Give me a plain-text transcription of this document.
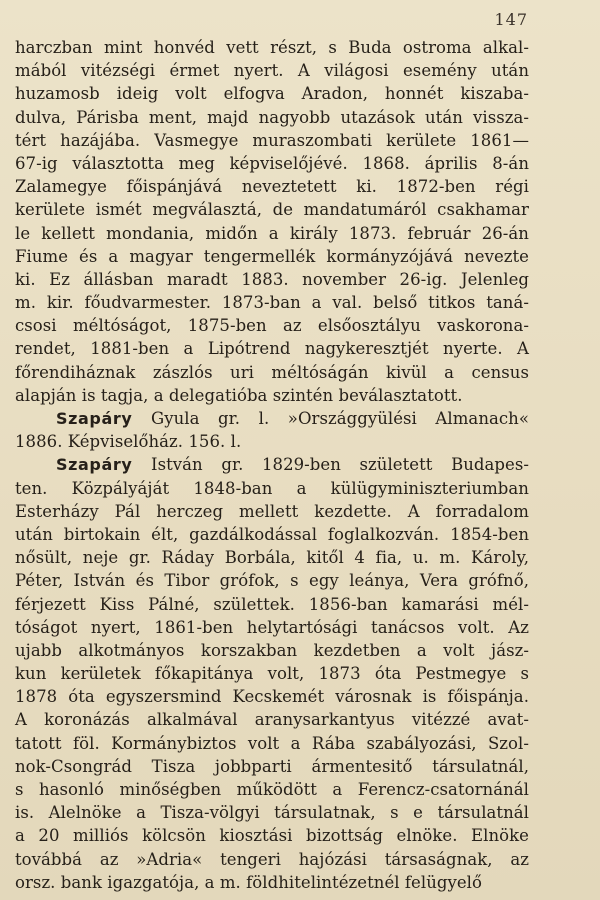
147
harczban mint honvéd vett részt, s Buda ostroma alkal-
mából vitézségi érmet nyert. A világosi esemény után
huzamosb ideig volt elfogva Aradon, honnét kiszaba-
dulva, Párisba ment, majd nagyobb utazások után vissza-
tért hazájába. Vasmegye muraszombati kerülete 1861—
67-ig választotta meg képviselőjévé. 1868. április 8-án
Zalamegye főispánjává neveztetett ki. 1872-ben régi
kerülete ismét megválasztá, de mandatumáról csakhamar
le kellett mondania, midőn a király 1873. február 26-án
Fiume és a magyar tengermellék kormányzójává nevezte
ki. Ez állásban maradt 1883. november 26-ig. Jelenleg
m. kir. főudvarmester. 1873-ban a val. belső titkos taná-
csosi méltóságot, 1875-ben az elsőosztályu vaskorona-
rendet, 1881-ben a Lipótrend nagykeresztjét nyerte. A
főrendiháznak zászlós uri méltóságán kivül a census
alapján is tagja, a delegatióba szintén beválasztatott.
Szapáry Gyula gr. l. »Országgyülési Almanach«
1886. Képviselőház. 156. l.
Szapáry István gr. 1829-ben született Budapes-
ten. Közpályáját 1848-ban a külügyminiszteriumban
Esterházy Pál herczeg mellett kezdette. A forradalom
után birtokain élt, gazdálkodással foglalkozván. 1854-ben
nősült, neje gr. Ráday Borbála, kitől 4 fia, u. m. Károly,
Péter, István és Tibor grófok, s egy leánya, Vera grófnő,
férjezett Kiss Pálné, születtek. 1856-ban kamarási mél-
tóságot nyert, 1861-ben helytartósági tanácsos volt. Az
ujabb alkotmányos korszakban kezdetben a volt jász-
kun kerületek főkapitánya volt, 1873 óta Pestmegye s
1878 óta egyszersmind Kecskemét városnak is főispánja.
A koronázás alkalmával aranysarkantyus vitézzé avat-
tatott föl. Kormánybiztos volt a Rába szabályozási, Szol-
nok-Csongrád Tisza jobbparti ármentesitő társulatnál,
s hasonló minőségben működött a Ferencz-csatornánál
is. Alelnöke a Tisza-völgyi társulatnak, s e társulatnál
a 20 milliós kölcsön kiosztási bizottság elnöke. Elnöke
továbbá az »Adria« tengeri hajózási társaságnak, az
orsz. bank igazgatója, a m. földhitelintézetnél felügyelő
